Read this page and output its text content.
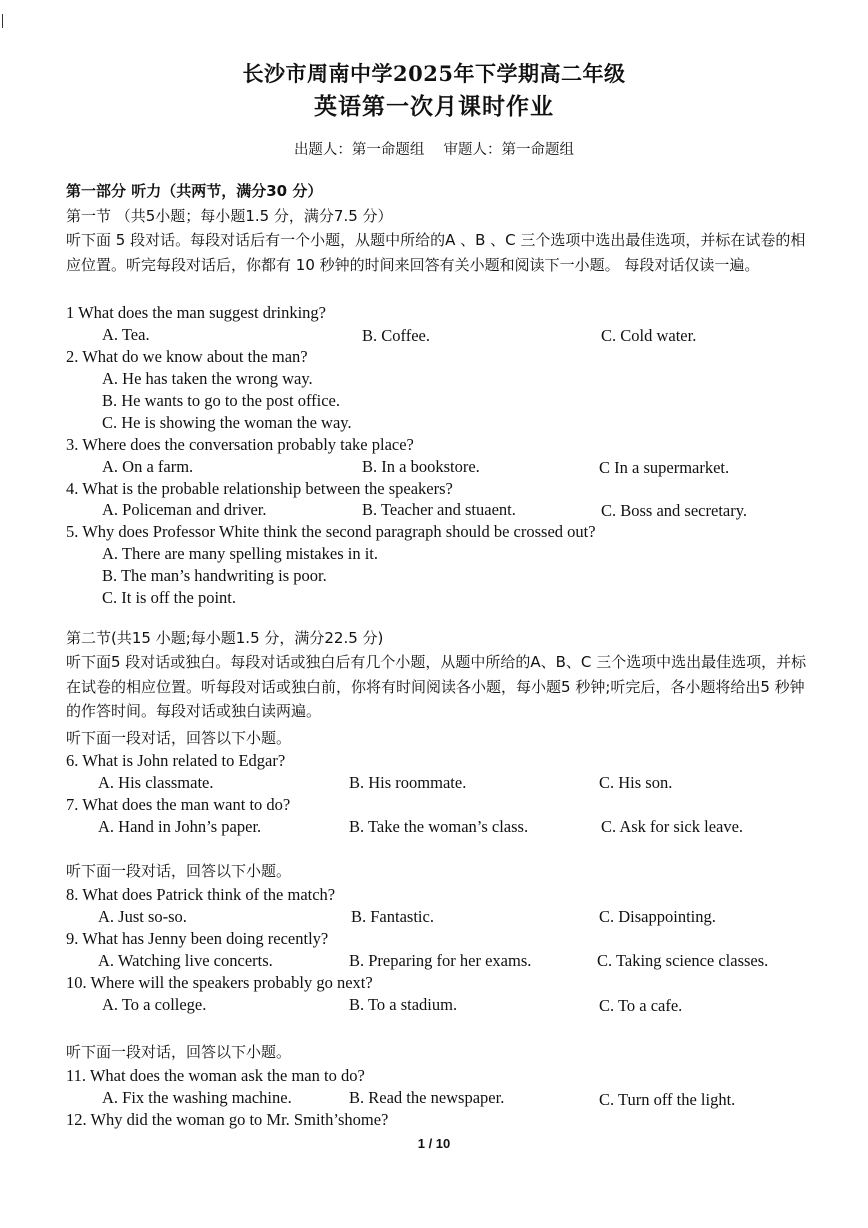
长沙市周南中学2025年下学期高二年级
英语第一次月课时作业
出题人：第一命题组　 审题人：第一命题组
第一部分 听力（共两节，满分30 分）
第一节 （共5小题；每小题1.5 分，满分7.5 分）
听下面 5 段对话。每段对话后有一个小题，从题中所给的A 、B 、C 三个选项中选出最佳选项，并标在试卷的相应位置。听完每段对话后，你都有 10 秒钟的时间来回答有关小题和阅读下一小题。 每段对话仅读一遍。
1 What does the man suggest drinking?
A. Tea.	B. Coffee.	C. Cold water.
2. What do we know about the man?
A. He has taken the wrong way.
B. He wants to go to the post office.
C. He is showing the woman the way.
3. Where does the conversation probably take place?
A. On a farm.	B. In a bookstore.	C In a supermarket.
4. What is the probable relationship between the speakers?
A. Policeman and driver.	B. Teacher and stuaent.	C. Boss and secretary.
5. Why does Professor White think the second paragraph should be crossed out?
A. There are many spelling mistakes in it.
B. The man’s handwriting is poor.
C. It is off the point.
第二节(共15 小题;每小题1.5 分，满分22.5 分)
听下面5 段对话或独白。每段对话或独白后有几个小题，从题中所给的A、B、C 三个选项中选出最佳选项，并标在试卷的相应位置。听每段对话或独白前，你将有时间阅读各小题，每小题5 秒钟;听完后，各小题将给出5 秒钟的作答时间。每段对话或独白读两遍。
听下面一段对话，回答以下小题。
6. What is John related to Edgar?
A. His classmate.	B. His roommate.	C. His son.
7. What does the man want to do?
A. Hand in John’s paper.	B. Take the woman’s class.	C. Ask for sick leave.
听下面一段对话，回答以下小题。
8. What does Patrick think of the match?
A. Just so-so.	B. Fantastic.	C. Disappointing.
9. What has Jenny been doing recently?
A. Watching live concerts.	B. Preparing for her exams.	C. Taking science classes.
10. Where will the speakers probably go next?
A. To a college.	B. To a stadium.	C. To a cafe.
听下面一段对话，回答以下小题。
11. What does the woman ask the man to do?
A. Fix the washing machine.	B. Read the newspaper.	C. Turn off the light.
12. Why did the woman go to Mr. Smith’shome?
1 / 10
